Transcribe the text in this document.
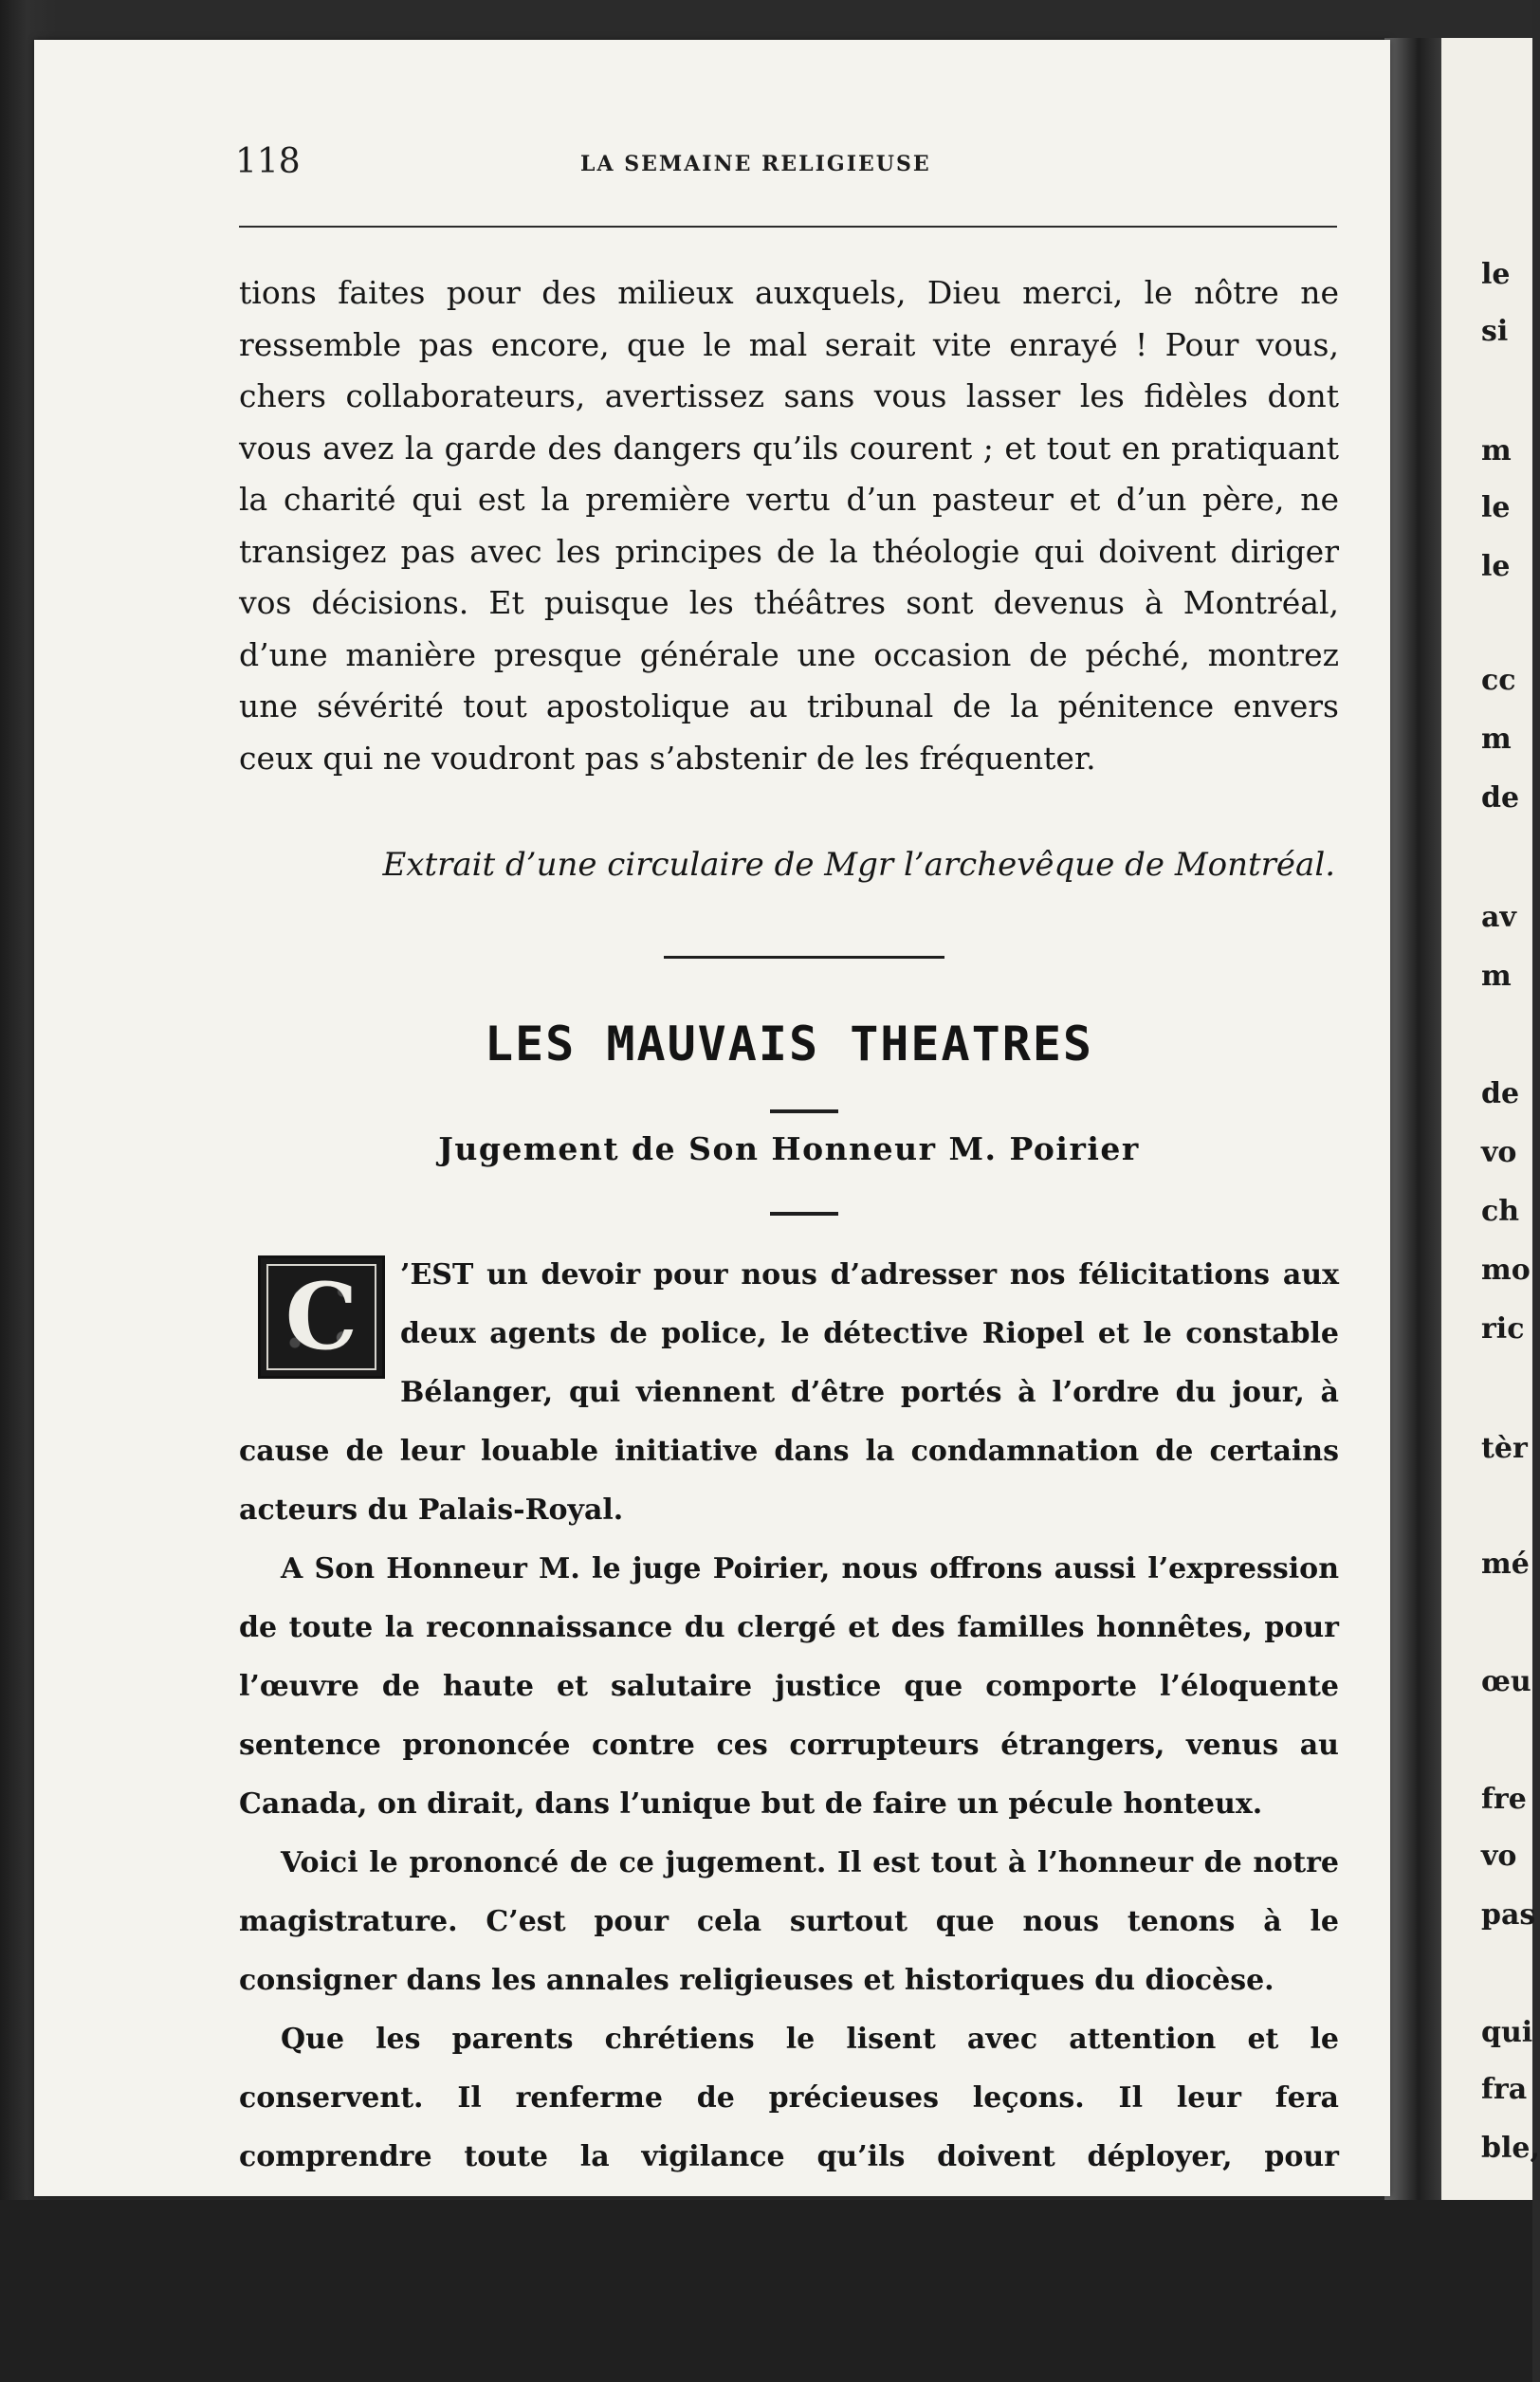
le
si
m
le
le
cc
m
de
av
m
de
vo
ch
mo
ric
tèr
mé
œu
fre
vo
pas
qui
fra
ble,
118	LA SEMAINE RELIGIEUSE

tions faites pour des milieux auxquels, Dieu merci, le nôtre ne ressemble pas encore, que le mal serait vite enrayé ! Pour vous, chers collaborateurs, avertissez sans vous lasser les fidèles dont vous avez la garde des dangers qu’ils courent ; et tout en pratiquant la charité qui est la première vertu d’un pasteur et d’un père, ne transigez pas avec les principes de la théologie qui doivent diriger vos décisions. Et puisque les théâtres sont devenus à Montréal, d’une manière presque générale une occasion de péché, montrez une sévérité tout apostolique au tribunal de la pénitence envers ceux qui ne voudront pas s’abstenir de les fréquenter.

Extrait d’une circulaire de Mgr l’archevêque de Montréal.
LES MAUVAIS THEATRES
Jugement de Son Honneur M. Poirier

C	’EST un devoir pour nous d’adresser nos félicitations aux deux agents de police, le détective Riopel et le constable Bélanger, qui viennent d’être portés à l’ordre du jour, à cause de leur louable initiative dans la condamnation de certains acteurs du Palais-Royal.

A Son Honneur M. le juge Poirier, nous offrons aussi l’expression de toute la reconnaissance du clergé et des familles honnêtes, pour l’œuvre de haute et salutaire justice que comporte l’éloquente sentence prononcée contre ces corrupteurs étrangers, venus au Canada, on dirait, dans l’unique but de faire un pécule honteux.

Voici le prononcé de ce jugement. Il est tout à l’honneur de notre magistrature. C’est pour cela surtout que nous tenons à le consigner dans les annales religieuses et historiques du diocèse.

Que les parents chrétiens le lisent avec attention et le conservent. Il renferme de précieuses leçons. Il leur fera comprendre toute la vigilance qu’ils doivent déployer, pour
